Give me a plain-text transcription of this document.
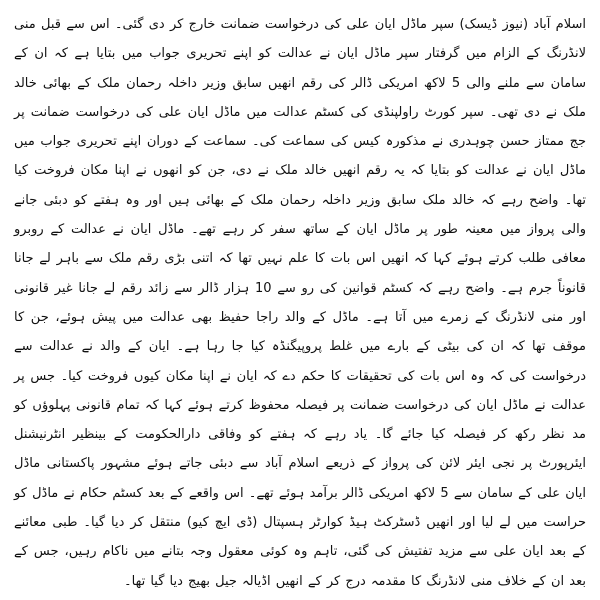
اسلام آباد (نیوز ڈیسک) سپر ماڈل ایان علی کی درخواست ضمانت خارج کر دی گئی۔ اس سے قبل منی لانڈرنگ کے الزام میں گرفتار سپر ماڈل ایان نے عدالت کو اپنے تحریری جواب میں بتایا ہے کہ ان کے سامان سے ملنے والی 5 لاکھ امریکی ڈالر کی رقم انھیں سابق وزیر داخلہ رحمان ملک کے بھائی خالد ملک نے دی تھی۔ سپر کورٹ راولپنڈی کی کسٹم عدالت میں ماڈل ایان علی کی درخواست ضمانت پر جج ممتاز حسن چوہدری نے مذکورہ کیس کی سماعت کی۔ سماعت کے دوران اپنے تحریری جواب میں ماڈل ایان نے عدالت کو بتایا کہ یہ رقم انھیں خالد ملک نے دی، جن کو انھوں نے اپنا مکان فروخت کیا تھا۔ واضح رہے کہ خالد ملک سابق وزیر داخلہ رحمان ملک کے بھائی ہیں اور وہ ہفتے کو دبئی جانے والی پرواز میں معینہ طور پر ماڈل ایان کے ساتھ سفر کر رہے تھے۔ ماڈل ایان نے عدالت کے روبرو معافی طلب کرتے ہوئے کہا کہ انھیں اس بات کا علم نہیں تھا کہ اتنی بڑی رقم ملک سے باہر لے جانا قانوناً جرم ہے۔ واضح رہے کہ کسٹم قوانین کی رو سے 10 ہزار ڈالر سے زائد رقم لے جانا غیر قانونی اور منی لانڈرنگ کے زمرے میں آتا ہے۔ ماڈل کے والد راجا حفیظ بھی عدالت میں پیش ہوئے، جن کا موقف تھا کہ ان کی بیٹی کے بارے میں غلط پروپیگنڈہ کیا جا رہا ہے۔ ایان کے والد نے عدالت سے درخواست کی کہ وہ اس بات کی تحقیقات کا حکم دے کہ ایان نے اپنا مکان کیوں فروخت کیا۔ جس پر عدالت نے ماڈل ایان کی درخواست ضمانت پر فیصلہ محفوظ کرتے ہوئے کہا کہ تمام قانونی پہلوؤں کو مد نظر رکھ کر فیصلہ کیا جائے گا۔ یاد رہے کہ ہفتے کو وفاقی دارالحکومت کے بینظیر انٹرنیشنل ایئرپورٹ پر نجی ایئر لائن کی پرواز کے ذریعے اسلام آباد سے دبئی جاتے ہوئے مشہور پاکستانی ماڈل ایان علی کے سامان سے 5 لاکھ امریکی ڈالر برآمد ہوئے تھے۔ اس واقعے کے بعد کسٹم حکام نے ماڈل کو حراست میں لے لیا اور انھیں ڈسٹرکٹ ہیڈ کوارٹر ہسپتال (ڈی ایچ کیو) منتقل کر دیا گیا۔ طبی معائنے کے بعد ایان علی سے مزید تفتیش کی گئی، تاہم وہ کوئی معقول وجہ بتانے میں ناکام رہیں، جس کے بعد ان کے خلاف منی لانڈرنگ کا مقدمہ درج کر کے انھیں اڈیالہ جیل بھیج دیا گیا تھا۔
